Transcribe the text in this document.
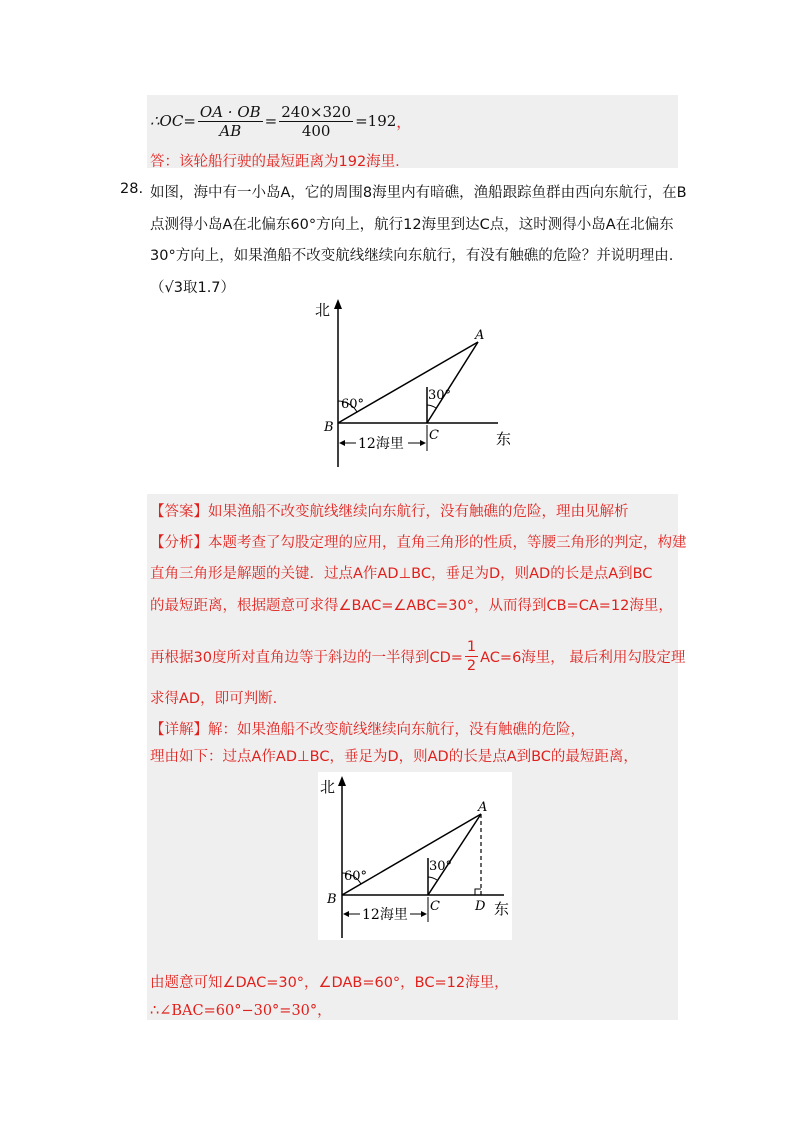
∴OC = $\frac{OA \cdot OB}{AB} = \frac{240\times 320}{400} =192$ ，
答：该轮船行驶的最短距离为192海里.
28. 如图，海中有一小岛A，它的周围8海里内有暗礁，渔船跟踪鱼群由西向东航行，在B
点测得小岛A在北偏东60°方向上，航行12海里到达C点，这时测得小岛A在北偏东
30°方向上，如果渔船不改变航线继续向东航行，有没有触礁的危险？并说明理由.
（√3取1.7）
北
东
A
B
C
60°
30°
12海里
【答案】如果渔船不改变航线继续向东航行，没有触礁的危险，理由见解析
【分析】本题考查了勾股定理的应用，直角三角形的性质，等腰三角形的判定，构建
直角三角形是解题的关键．过点A作AD⊥BC，垂足为D，则AD的长是点A到BC
的最短距离，根据题意可求得∠BAC=∠ABC=30°，从而得到CB=CA=12海里，
再根据30度所对直角边等于斜边的一半得到$CD= \frac{1}{2} AC=6$海里， 最后利用勾股定理
求得AD，即可判断.
【详解】解：如果渔船不改变航线继续向东航行，没有触礁的危险，
理由如下：过点A作AD⊥BC，垂足为D，则AD的长是点A到BC的最短距离，
北
东
A
B	C	D
60°
30°
12海里
由题意可知∠DAC=30°，∠DAB=60°，BC=12海里，
∴∠BAC=60°−30°=30°，
